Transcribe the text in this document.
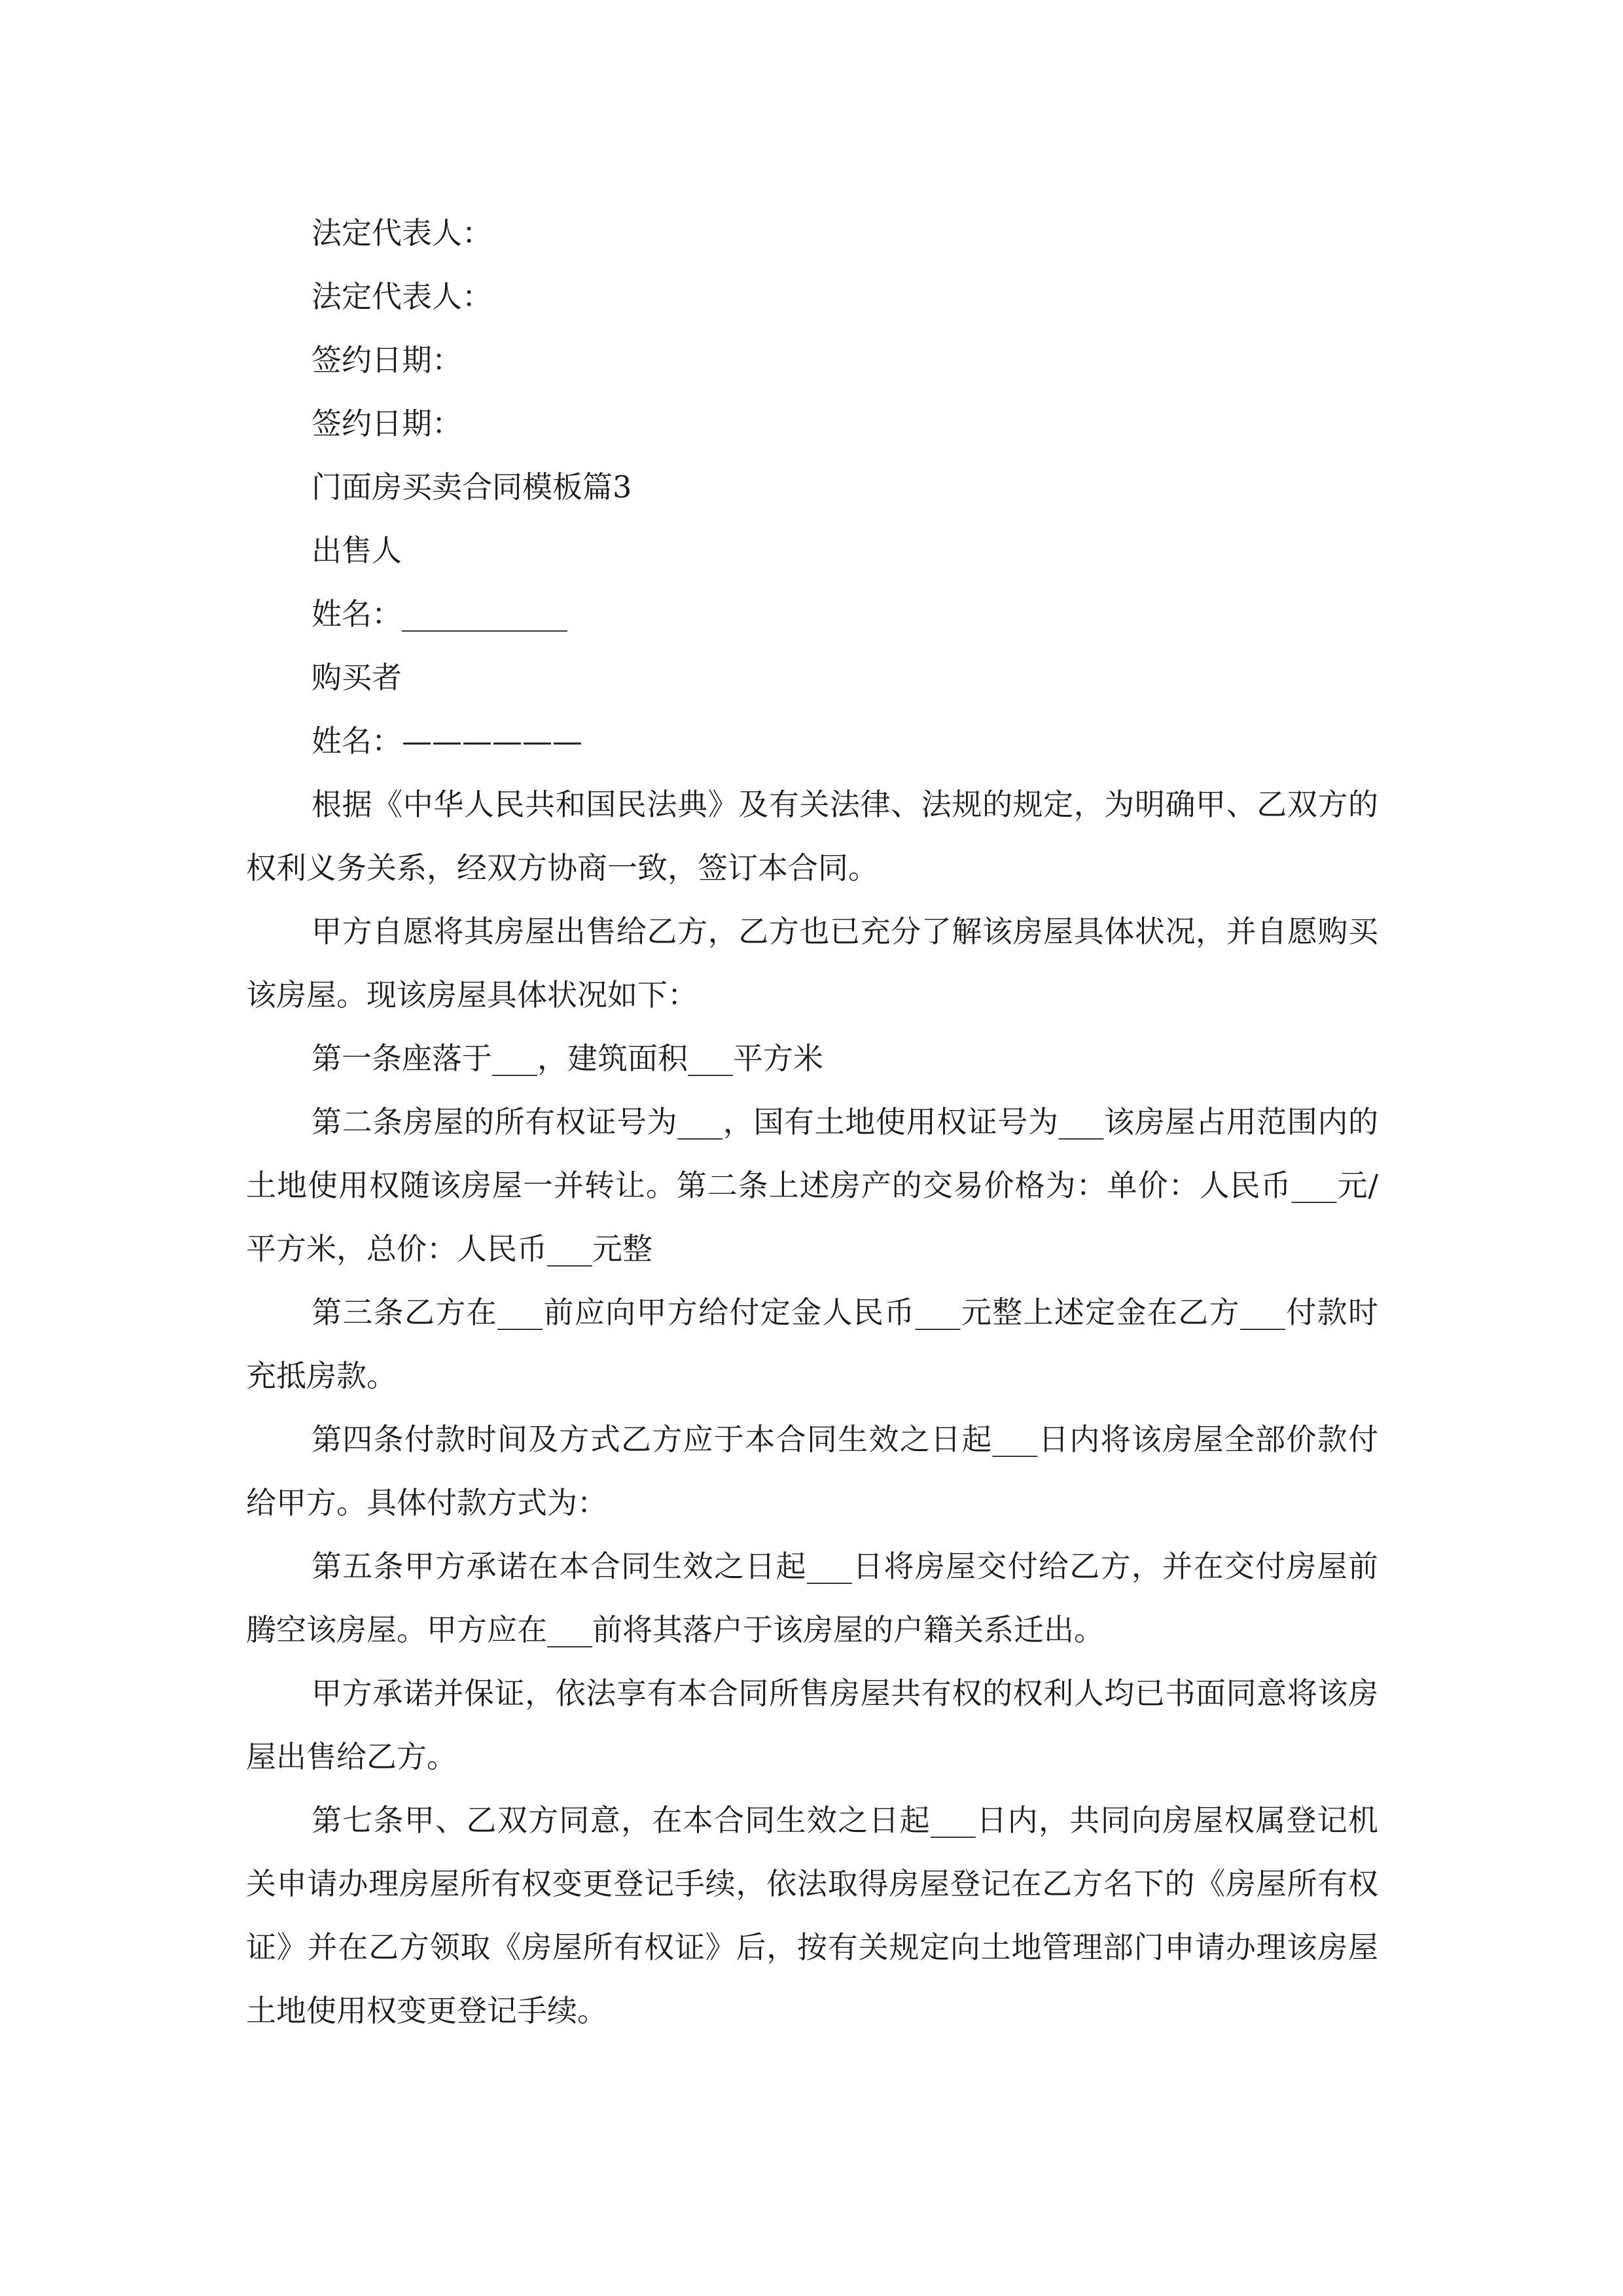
法定代表人：
法定代表人：
签约日期：
签约日期：
门面房买卖合同模板篇3
出售人
姓名：___________
购买者
姓名：——————

根据《中华人民共和国民法典》及有关法律、法规的规定，为明确甲、乙双方的权利义务关系，经双方协商一致，签订本合同。

甲方自愿将其房屋出售给乙方，乙方也已充分了解该房屋具体状况，并自愿购买该房屋。现该房屋具体状况如下：

第一条座落于___，建筑面积___平方米

第二条房屋的所有权证号为___，国有土地使用权证号为___该房屋占用范围内的土地使用权随该房屋一并转让。第二条上述房产的交易价格为：单价：人民币___元/平方米，总价：人民币___元整

第三条乙方在___前应向甲方给付定金人民币___元整上述定金在乙方___付款时充抵房款。

第四条付款时间及方式乙方应于本合同生效之日起___日内将该房屋全部价款付给甲方。具体付款方式为：

第五条甲方承诺在本合同生效之日起___日将房屋交付给乙方，并在交付房屋前腾空该房屋。甲方应在___前将其落户于该房屋的户籍关系迁出。

甲方承诺并保证，依法享有本合同所售房屋共有权的权利人均已书面同意将该房屋出售给乙方。

第七条甲、乙双方同意，在本合同生效之日起___日内，共同向房屋权属登记机关申请办理房屋所有权变更登记手续，依法取得房屋登记在乙方名下的《房屋所有权证》并在乙方领取《房屋所有权证》后，按有关规定向土地管理部门申请办理该房屋土地使用权变更登记手续。
